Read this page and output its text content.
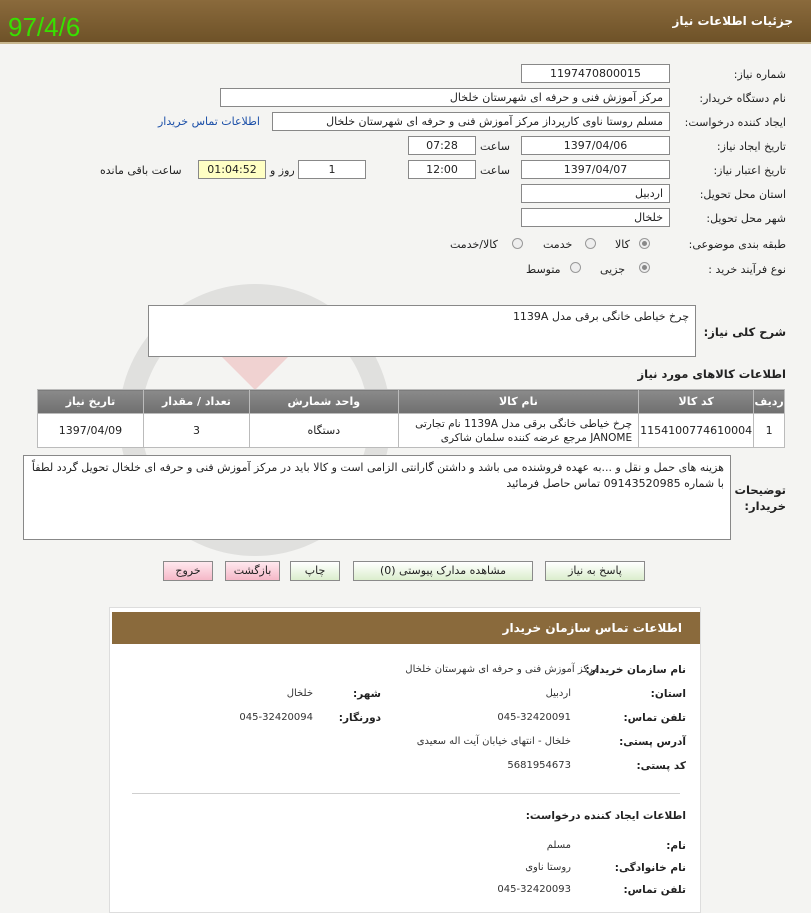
جزئیات اطلاعات نیاز
97/4/6
شماره نیاز:
1197470800015
نام دستگاه خریدار:
مرکز آموزش فنی و حرفه ای شهرستان خلخال
ایجاد کننده درخواست:
مسلم روستا ناوی کارپرداز مرکز آموزش فنی و حرفه ای شهرستان خلخال
اطلاعات تماس خریدار
تاریخ ایجاد نیاز:
1397/04/06
ساعت
07:28
تاریخ اعتبار نیاز:
1397/04/07
ساعت
12:00
1
روز و
01:04:52
ساعت باقی مانده
استان محل تحویل:
اردبیل
شهر محل تحویل:
خلخال
طبقه بندی موضوعی:
کالا
خدمت
کالا/خدمت
نوع فرآیند خرید :
جزیی
متوسط
شرح کلی نیاز:
چرخ خیاطی خانگی برقی مدل 1139A
اطلاعات کالاهای مورد نیاز
ردیف	کد کالا	نام کالا	واحد شمارش	تعداد / مقدار	تاریخ نیاز
1	1154100774610004	چرخ خیاطی خانگی برقی مدل 1139A نام تجارتی JANOME مرجع عرضه کننده سلمان شاکری	دستگاه	3	1397/04/09
توضیحات خریدار:
هزینه های حمل و نقل و ...به عهده فروشنده می باشد و داشتن گارانتی الزامی است و کالا باید در مرکز آموزش فنی و حرفه ای خلخال تحویل گردد لطفاً با شماره 09143520985 تماس حاصل فرمائید
پاسخ به نیاز
مشاهده مدارک پیوستی (0)
چاپ
بازگشت
خروج
اطلاعات تماس سازمان خریدار
نام سازمان خریدار:
مرکز آموزش فنی و حرفه ای شهرستان خلخال
استان:
اردبیل
شهر:
خلخال
تلفن تماس:
045-32420091
دورنگار:
045-32420094
آدرس پستی:
خلخال - انتهای خیابان آیت اله سعیدی
کد پستی:
5681954673
اطلاعات ایجاد کننده درخواست:
نام:
مسلم
نام خانوادگی:
روستا ناوی
تلفن تماس:
045-32420093
